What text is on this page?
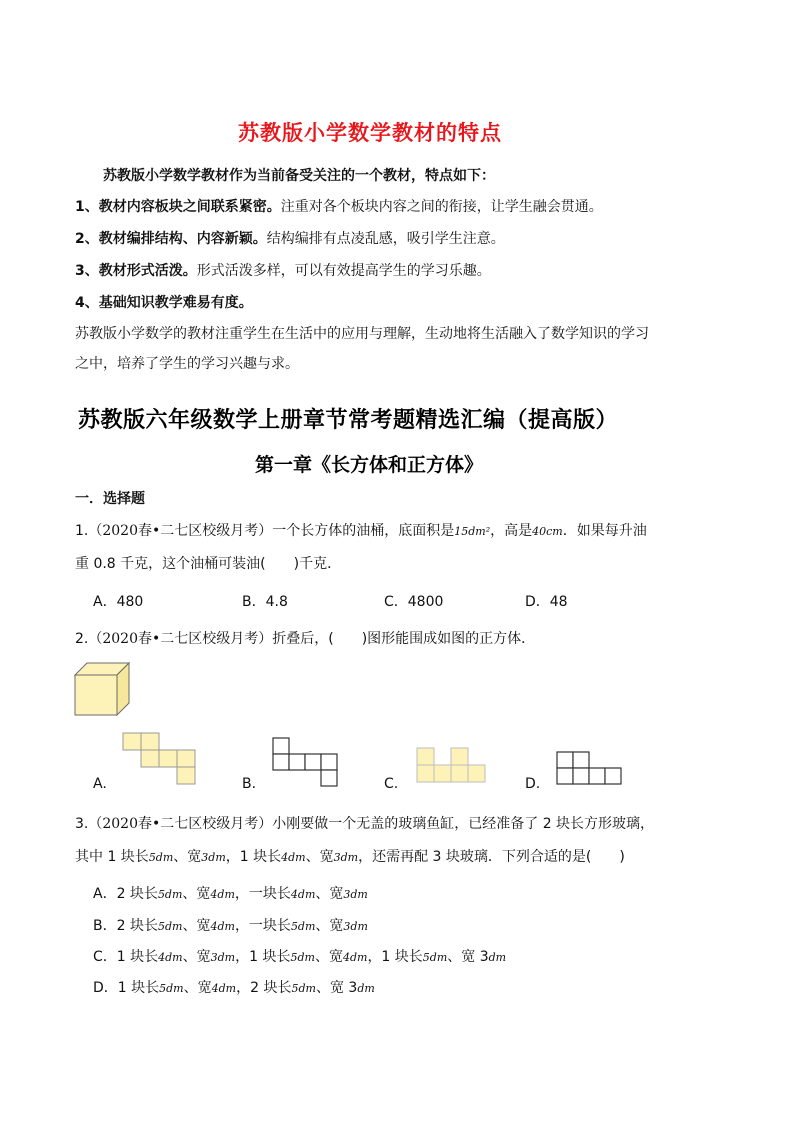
苏教版小学数学教材的特点
苏教版小学数学教材作为当前备受关注的一个教材，特点如下：
1、教材内容板块之间联系紧密。注重对各个板块内容之间的衔接，让学生融会贯通。
2、教材编排结构、内容新颖。结构编排有点凌乱感，吸引学生注意。
3、教材形式活泼。形式活泼多样，可以有效提高学生的学习乐趣。
4、基础知识教学难易有度。
苏教版小学数学的教材注重学生在生活中的应用与理解，生动地将生活融入了数学知识的学习
之中，培养了学生的学习兴趣与求。
苏教版六年级数学上册章节常考题精选汇编（提高版）
第一章《长方体和正方体》
一．选择题
1.（2020春•二七区校级月考）一个长方体的油桶，底面积是15dm²，高是40cm．如果每升油
重 0.8 千克，这个油桶可装油(　　)千克．
A．480	B．4.8	C．4800	D．48
2.（2020春•二七区校级月考）折叠后，(　　)图形能围成如图的正方体．
A.	B.	C.	D.
3.（2020春•二七区校级月考）小刚要做一个无盖的玻璃鱼缸，已经准备了 2 块长方形玻璃，
其中 1 块长5dm、宽3dm，1 块长4dm、宽3dm，还需再配 3 块玻璃．下列合适的是(　　)
A．2 块长5dm、宽4dm，一块长4dm、宽3dm
B．2 块长5dm、宽4dm，一块长5dm、宽3dm
C．1 块长4dm、宽3dm，1 块长5dm、宽4dm，1 块长5dm、宽 3dm
D．1 块长5dm、宽4dm，2 块长5dm、宽 3dm
